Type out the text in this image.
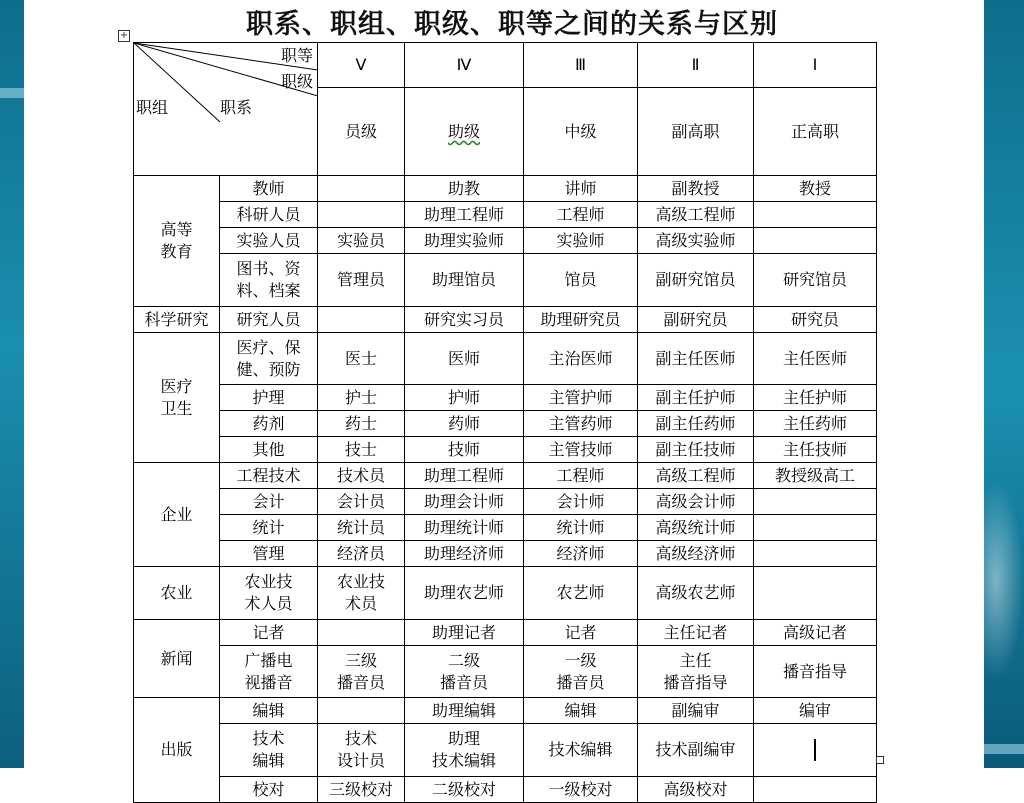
职系、职组、职级、职等之间的关系与区别
+

职等

职级

职组 职系		Ⅴ	Ⅳ	Ⅲ	Ⅱ	Ⅰ
		员级	助级	中级	副高职	正高职
高等
教育	教师		助教	讲师	副教授	教授
	科研人员		助理工程师	工程师	高级工程师	
	实验人员	实验员	助理实验师	实验师	高级实验师	
	图书、资
料、档案	管理员	助理馆员	馆员	副研究馆员	研究馆员
科学研究	研究人员		研究实习员	助理研究员	副研究员	研究员
医疗
卫生	医疗、保
健、预防	医士	医师	主治医师	副主任医师	主任医师
	护理	护士	护师	主管护师	副主任护师	主任护师
	药剂	药士	药师	主管药师	副主任药师	主任药师
	其他	技士	技师	主管技师	副主任技师	主任技师
企业	工程技术	技术员	助理工程师	工程师	高级工程师	教授级高工
	会计	会计员	助理会计师	会计师	高级会计师	
	统计	统计员	助理统计师	统计师	高级统计师	
	管理	经济员	助理经济师	经济师	高级经济师	
农业	农业技
术人员	农业技
术员	助理农艺师	农艺师	高级农艺师	
新闻	记者		助理记者	记者	主任记者	高级记者
	广播电
视播音	三级
播音员	二级
播音员	一级
播音员	主任
播音指导	播音指导
出版	编辑		助理编辑	编辑	副编审	编审
	技术
编辑	技术
设计员	助理
技术编辑	技术编辑	技术副编审	
	校对	三级校对	二级校对	一级校对	高级校对	
